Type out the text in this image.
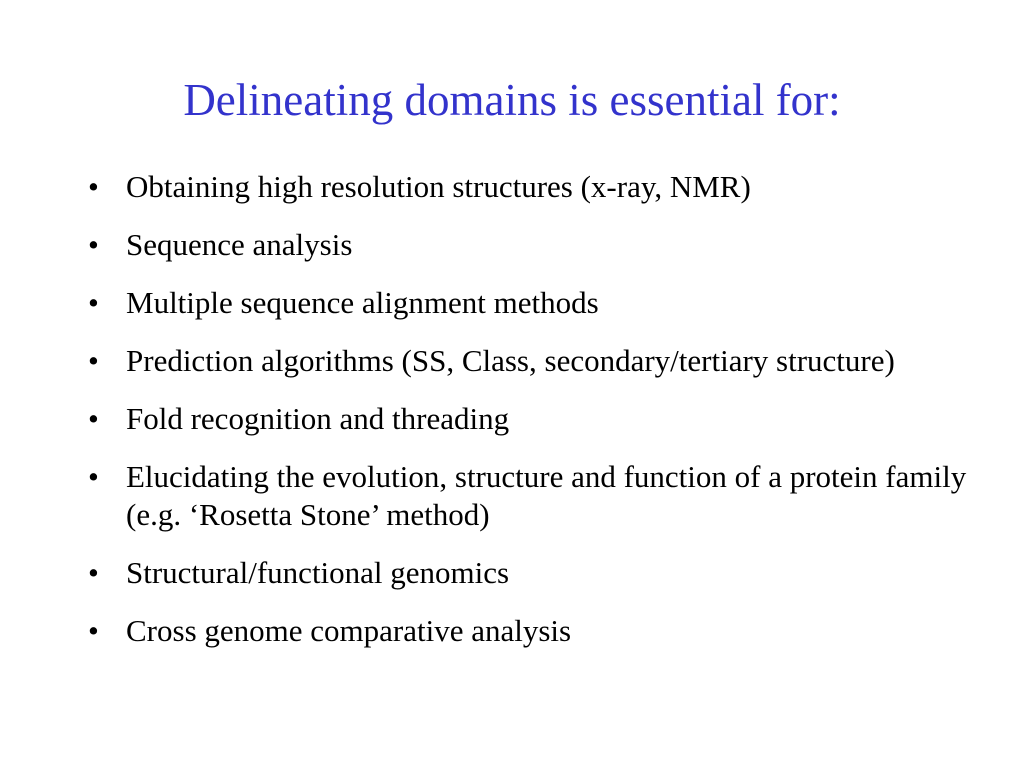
Delineating domains is essential for:
• Obtaining high resolution structures (x-ray, NMR)
• Sequence analysis
• Multiple sequence alignment methods
• Prediction algorithms (SS, Class, secondary/tertiary structure)
• Fold recognition and threading
• Elucidating the evolution, structure and function of a protein family (e.g. ‘Rosetta Stone’ method)
• Structural/functional genomics
• Cross genome comparative analysis
